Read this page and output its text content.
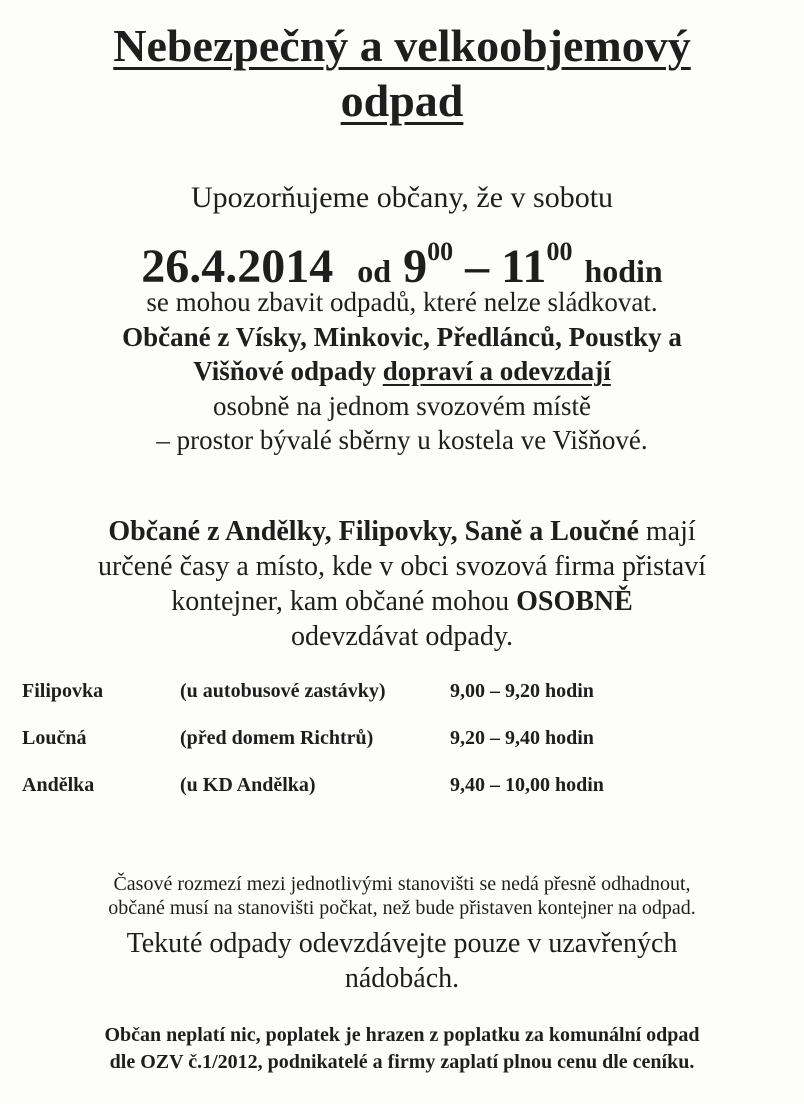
Nebezpečný a velkoobjemový
odpad
Upozorňujeme občany, že v sobotu
26.4.2014 od $9^{00} - 11^{00}$ hodin
se mohou zbavit odpadů, které nelze sládkovat.
Občané z Vísky, Minkovic, Předlánců, Poustky a
Višňové odpady dopraví a odevzdají
osobně na jednom svozovém místě
– prostor bývalé sběrny u kostela ve Višňové.
Občané z Andělky, Filipovky, Saně a Loučné mají
určené časy a místo, kde v obci svozová firma přistaví
kontejner, kam občané mohou OSOBNĚ
odevzdávat odpady.
Filipovka	(u autobusové zastávky)	9,00 – 9,20 hodin
Loučná	(před domem Richtrů)	9,20 – 9,40 hodin
Andělka	(u KD Andělka)	9,40 – 10,00 hodin
Časové rozmezí mezi jednotlivými stanovišti se nedá přesně odhadnout,
občané musí na stanovišti počkat, než bude přistaven kontejner na odpad.
Tekuté odpady odevzdávejte pouze v uzavřených
nádobách.
Občan neplatí nic, poplatek je hrazen z poplatku za komunální odpad
dle OZV č.1/2012, podnikatelé a firmy zaplatí plnou cenu dle ceníku.
